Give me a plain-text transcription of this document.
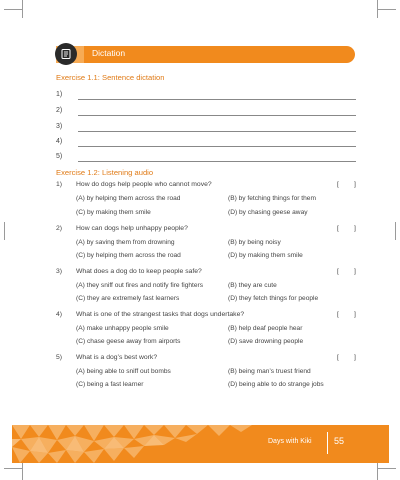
Dictation
Exercise 1.1: Sentence dictation
1)
2)
3)
4)
5)
Exercise 1.2: Listening audio
1) How do dogs help people who cannot move?	[        ]
(A) by helping them across the road	(B) by fetching things for them
(C) by making them smile	(D) by chasing geese away
2) How can dogs help unhappy people?	[        ]
(A) by saving them from drowning	(B) by being noisy
(C) by helping them across the road	(D) by making them smile
3) What does a dog do to keep people safe?	[        ]
(A) they sniff out fires and notify fire fighters	(B) they are cute
(C) they are extremely fast learners	(D) they fetch things for people
4) What is one of the strangest tasks that dogs undertake?	[        ]
(A) make unhappy people smile	(B) help deaf people hear
(C) chase geese away from airports	(D) save drowning people
5) What is a dog’s best work?	[        ]
(A) being able to sniff out bombs	(B) being man’s truest friend
(C) being a fast learner	(D) being able to do strange jobs
Days with Kiki 55
